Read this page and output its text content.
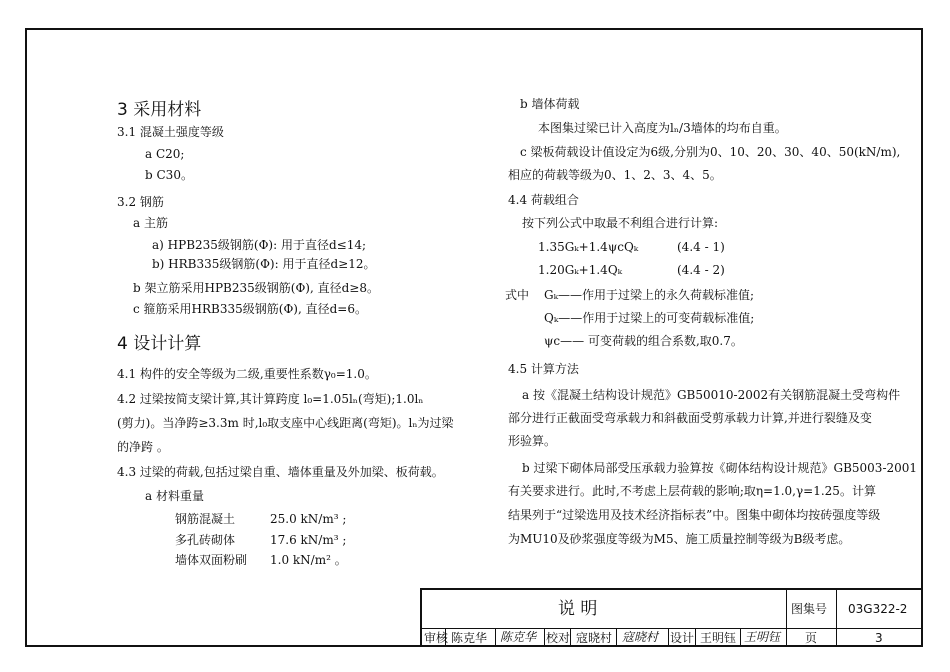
3 采用材料
3.1 混凝土强度等级
a C20;
b C30。
3.2 钢筋
a 主筋
a) HPB235级钢筋(Φ): 用于直径d≤14;
b) HRB335级钢筋(Φ): 用于直径d≥12。
b 架立筋采用HPB235级钢筋(Φ), 直径d≥8。
c 箍筋采用HRB335级钢筋(Φ), 直径d=6。
4 设计计算
4.1 构件的安全等级为二级,重要性系数γ₀=1.0。
4.2 过梁按简支梁计算,其计算跨度 l₀=1.05lₙ(弯矩);1.0lₙ
(剪力)。当净跨≥3.3m 时,l₀取支座中心线距离(弯矩)。lₙ为过梁
的净跨 。
4.3 过梁的荷载,包括过梁自重、墙体重量及外加梁、板荷载。
a 材料重量
钢筋混凝土	25.0 kN/m³ ;
多孔砖砌体	17.6 kN/m³ ;
墙体双面粉刷 1.0 kN/m² 。
b 墙体荷载
本图集过梁已计入高度为lₙ/3墙体的均布自重。
c 梁板荷载设计值设定为6级,分别为0、10、20、30、40、50(kN/m),
相应的荷载等级为0、1、2、3、4、5。
4.4 荷载组合
按下列公式中取最不利组合进行计算:
1.35Gₖ+1.4ψcQₖ	(4.4 - 1)
1.20Gₖ+1.4Qₖ	(4.4 - 2)
式中 Gₖ——作用于过梁上的永久荷载标准值;
Qₖ——作用于过梁上的可变荷载标准值;
ψc—— 可变荷载的组合系数,取0.7。
4.5 计算方法
a 按《混凝土结构设计规范》GB50010-2002有关钢筋混凝土受弯构件
部分进行正截面受弯承载力和斜截面受剪承载力计算,并进行裂缝及变
形验算。
b 过梁下砌体局部受压承载力验算按《砌体结构设计规范》GB5003-2001
有关要求进行。此时,不考虑上层荷载的影响;取η=1.0,γ=1.25。计算
结果列于“过梁选用及技术经济指标表”中。图集中砌体均按砖强度等级
为MU10及砂浆强度等级为M5、施工质量控制等级为B级考虑。
说 明	图集号 03G322-2
审核 陈克华 陈克华 校对 寇晓村 寇晓村 设计 王明钰 王明钰 页	3
